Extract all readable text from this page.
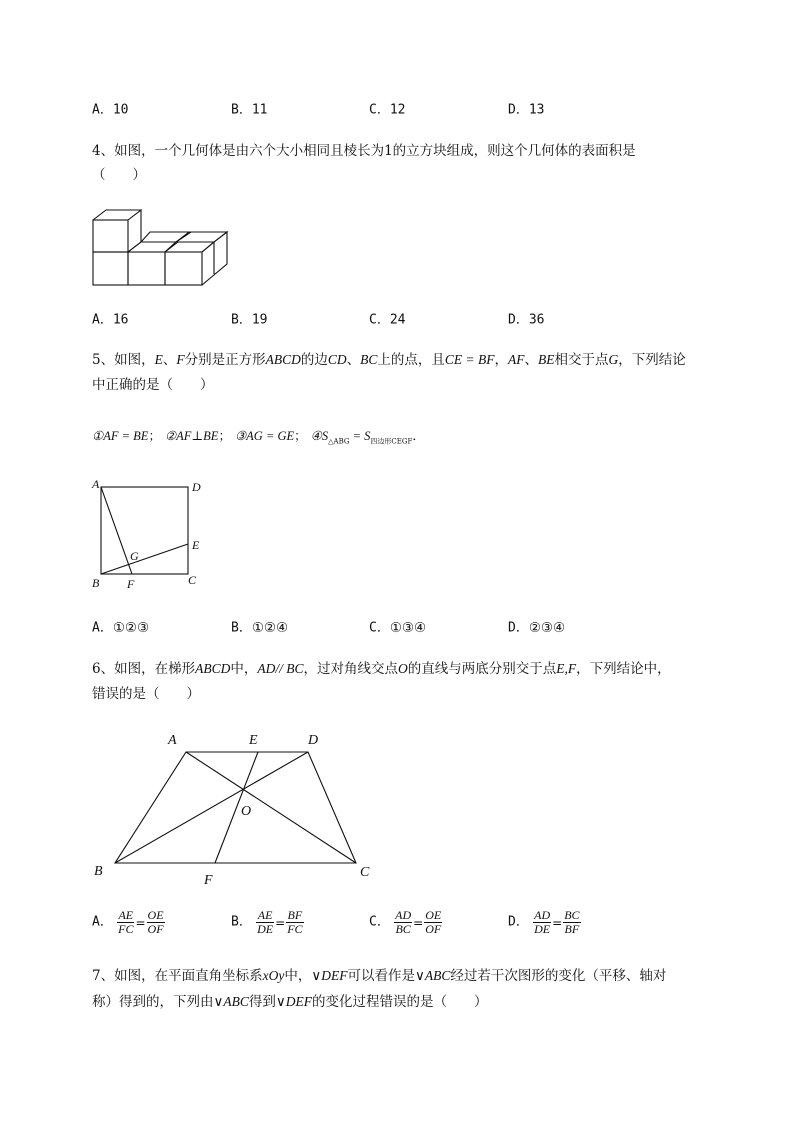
A．10	B．11	C．12	D．13
4、如图，一个几何体是由六个大小相同且棱长为1的立方块组成，则这个几何体的表面积是
（　　）
A．16	B．19	C．24	D．36
5、如图，E、F分别是正方形ABCD的边CD、BC上的点，且CE = BF，AF、BE相交于点G，下列结论
中正确的是（　　）
①AF = BE； ②AF⊥BE； ③AG = GE； $④S_{\triangle ABG} = S_{四边形CEGF}$．
A	D
E
G
B F	C
A．①②③	B．①②④	C．①③④	D．②③④
6、如图，在梯形ABCD中，AD// BC，过对角线交点O的直线与两底分别交于点E,F，下列结论中，
错误的是（　　）
A	E	D
O
B
F
C
A． $\frac{AE}{FC} = \frac{OE}{OF}$	B． $\frac{AE}{DE} = \frac{BF}{FC}$	C． $\frac{AD}{BC} = \frac{OE}{OF}$	D． $\frac{AD}{DE} = \frac{BC}{BF}$
7、如图，在平面直角坐标系xOy中，∨DEF可以看作是∨ABC经过若干次图形的变化（平移、轴对
称）得到的，下列由∨ABC得到∨DEF的变化过程错误的是（　　）
